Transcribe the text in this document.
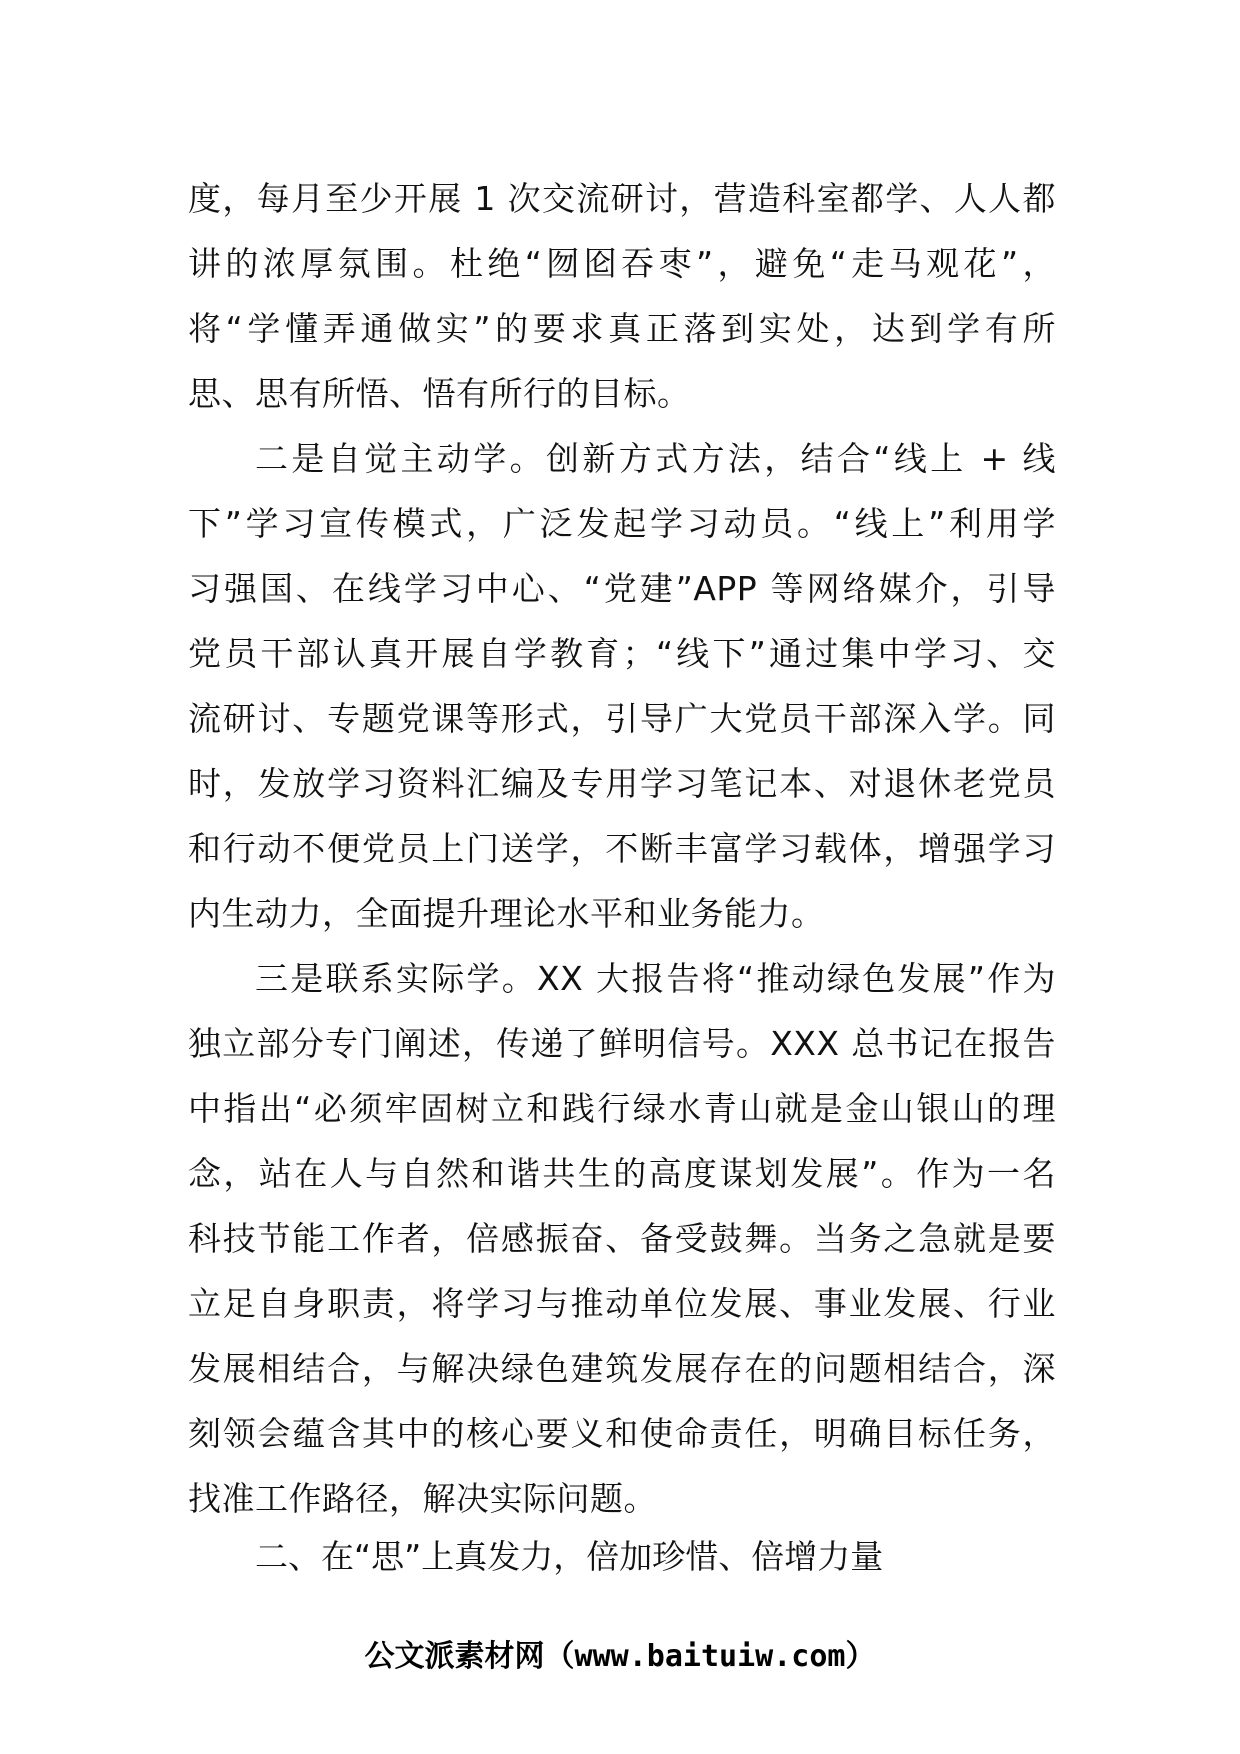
度，每月至少开展 1 次交流研讨，营造科室都学、人人都
讲的浓厚氛围。杜绝“囫囵吞枣”，避免“走马观花”，
将“学懂弄通做实”的要求真正落到实处，达到学有所
思、思有所悟、悟有所行的目标。
二是自觉主动学。创新方式方法，结合“线上 + 线
下”学习宣传模式，广泛发起学习动员。“线上”利用学
习强国、在线学习中心、“党建”APP 等网络媒介，引导
党员干部认真开展自学教育；“线下”通过集中学习、交
流研讨、专题党课等形式，引导广大党员干部深入学。同
时，发放学习资料汇编及专用学习笔记本、对退休老党员
和行动不便党员上门送学，不断丰富学习载体，增强学习
内生动力，全面提升理论水平和业务能力。
三是联系实际学。XX 大报告将“推动绿色发展”作为
独立部分专门阐述，传递了鲜明信号。XXX 总书记在报告
中指出“必须牢固树立和践行绿水青山就是金山银山的理
念，站在人与自然和谐共生的高度谋划发展”。作为一名
科技节能工作者，倍感振奋、备受鼓舞。当务之急就是要
立足自身职责，将学习与推动单位发展、事业发展、行业
发展相结合，与解决绿色建筑发展存在的问题相结合，深
刻领会蕴含其中的核心要义和使命责任，明确目标任务，
找准工作路径，解决实际问题。
二、在“思”上真发力，倍加珍惜、倍增力量
公文派素材网（www.baituiw.com）
